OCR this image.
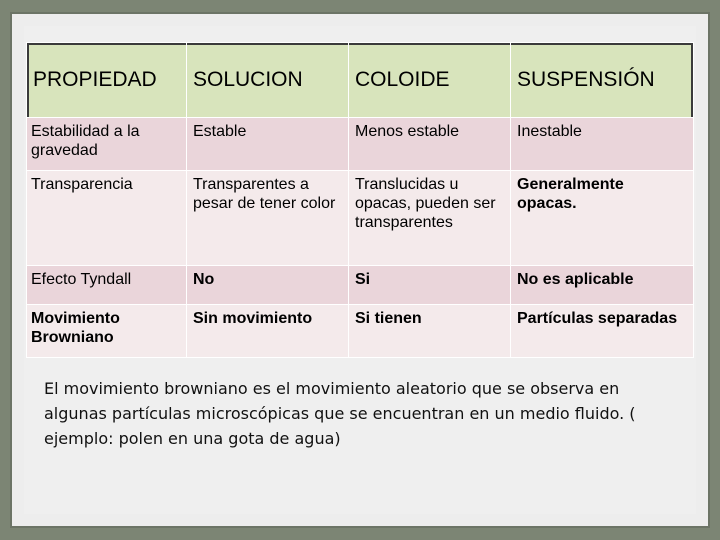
PROPIEDAD	SOLUCION	COLOIDE	SUSPENSIÓN
Estabilidad a la gravedad	Estable	Menos estable	Inestable
Transparencia	Transparentes a pesar de tener color	Translucidas u opacas, pueden ser transparentes	Generalmente opacas.
Efecto Tyndall	No	Si	No es aplicable
Movimiento Browniano	Sin movimiento	Si tienen	Partículas separadas
El movimiento browniano es el movimiento aleatorio que se observa en algunas partículas microscópicas que se encuentran en un medio fluido. ( ejemplo: polen en una gota de agua)
